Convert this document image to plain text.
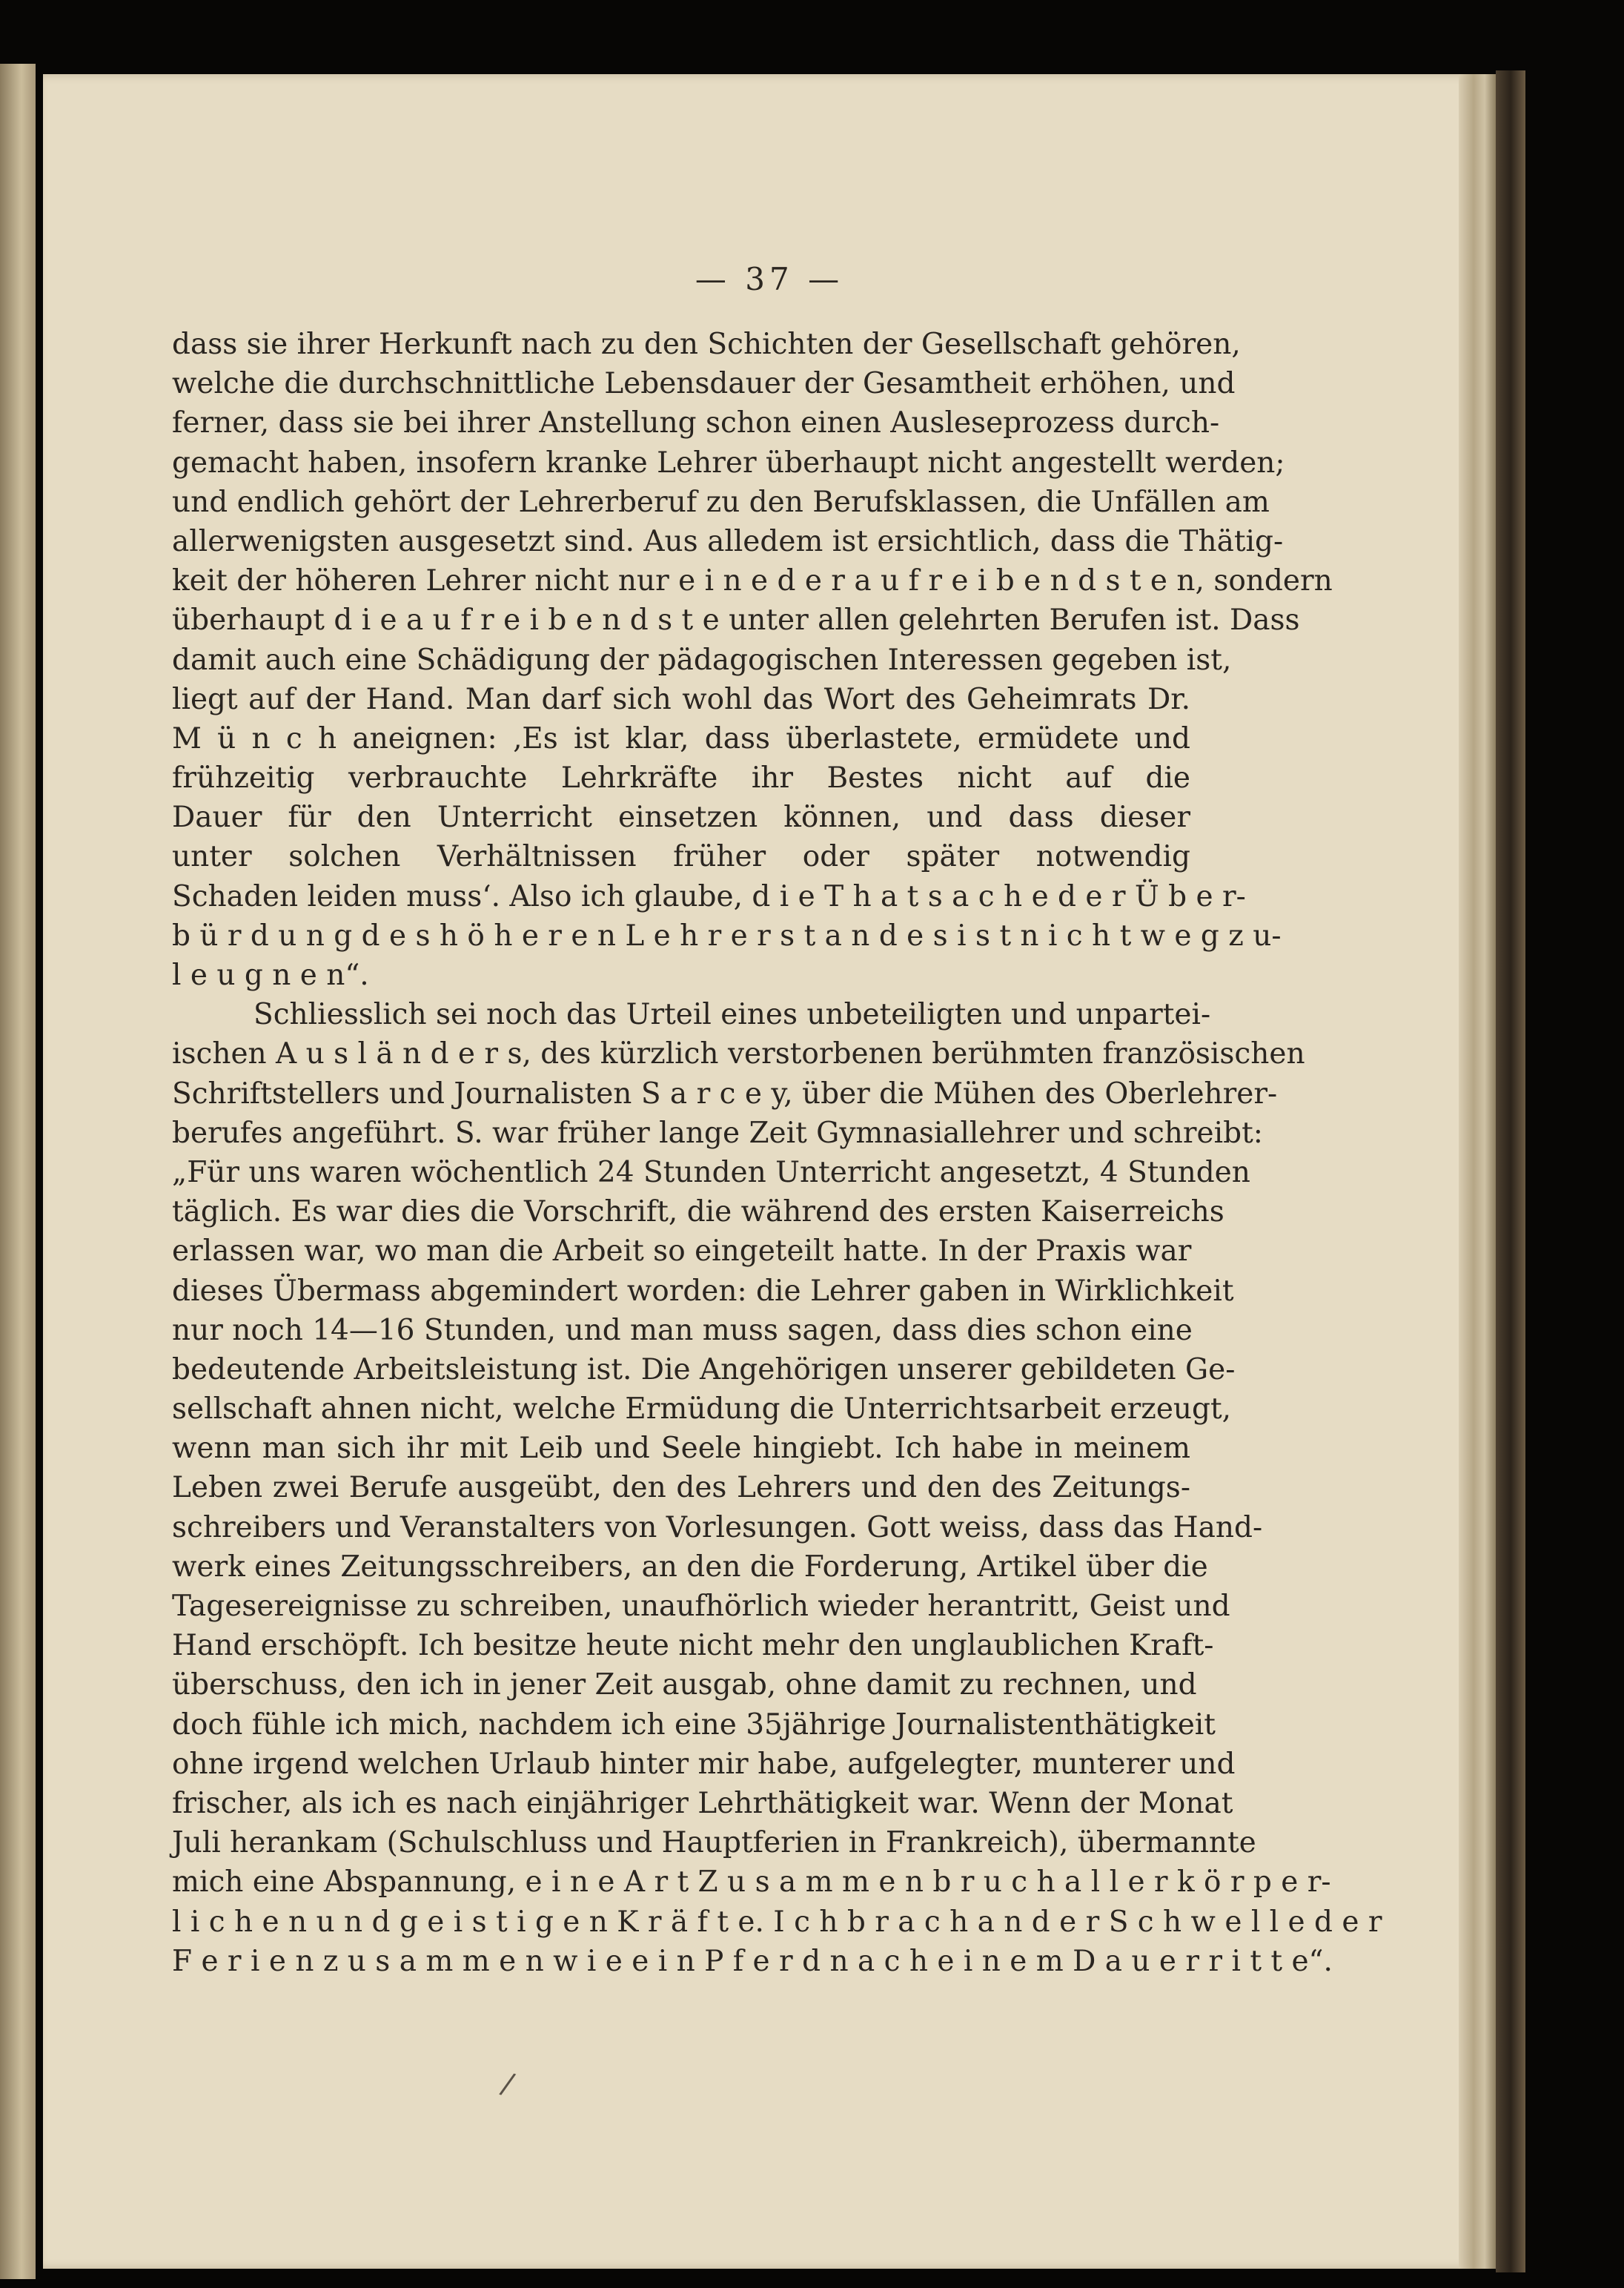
— 37 —
/
dass sie ihrer Herkunft nach zu den Schichten der Gesellschaft gehören,
welche die durchschnittliche Lebensdauer der Gesamtheit erhöhen, und
ferner, dass sie bei ihrer Anstellung schon einen Ausleseprozess durch-
gemacht haben, insofern kranke Lehrer überhaupt nicht angestellt werden;
und endlich gehört der Lehrerberuf zu den Berufsklassen, die Unfällen am
allerwenigsten ausgesetzt sind. Aus alledem ist ersichtlich, dass die Thätig-
keit der höheren Lehrer nicht nur e i n e d e r a u f r e i b e n d s t e n, sondern
überhaupt d i e a u f r e i b e n d s t e unter allen gelehrten Berufen ist. Dass
damit auch eine Schädigung der pädagogischen Interessen gegeben ist,
liegt auf der Hand. Man darf sich wohl das Wort des Geheimrats Dr.
M ü n c h aneignen: ‚Es ist klar, dass überlastete, ermüdete und
frühzeitig verbrauchte Lehrkräfte ihr Bestes nicht auf die
Dauer für den Unterricht einsetzen können, und dass dieser
unter solchen Verhältnissen früher oder später notwendig
Schaden leiden muss‘. Also ich glaube, d i e T h a t s a c h e d e r Ü b e r-
b ü r d u n g d e s h ö h e r e n L e h r e r s t a n d e s i s t n i c h t w e g z u-
l e u g n e n“.
Schliesslich sei noch das Urteil eines unbeteiligten und unpartei-
ischen A u s l ä n d e r s, des kürzlich verstorbenen berühmten französischen
Schriftstellers und Journalisten S a r c e y, über die Mühen des Oberlehrer-
berufes angeführt. S. war früher lange Zeit Gymnasiallehrer und schreibt:
„Für uns waren wöchentlich 24 Stunden Unterricht angesetzt, 4 Stunden
täglich. Es war dies die Vorschrift, die während des ersten Kaiserreichs
erlassen war, wo man die Arbeit so eingeteilt hatte. In der Praxis war
dieses Übermass abgemindert worden: die Lehrer gaben in Wirklichkeit
nur noch 14—16 Stunden, und man muss sagen, dass dies schon eine
bedeutende Arbeitsleistung ist. Die Angehörigen unserer gebildeten Ge-
sellschaft ahnen nicht, welche Ermüdung die Unterrichtsarbeit erzeugt,
wenn man sich ihr mit Leib und Seele hingiebt. Ich habe in meinem
Leben zwei Berufe ausgeübt, den des Lehrers und den des Zeitungs-
schreibers und Veranstalters von Vorlesungen. Gott weiss, dass das Hand-
werk eines Zeitungsschreibers, an den die Forderung, Artikel über die
Tagesereignisse zu schreiben, unaufhörlich wieder herantritt, Geist und
Hand erschöpft. Ich besitze heute nicht mehr den unglaublichen Kraft-
überschuss, den ich in jener Zeit ausgab, ohne damit zu rechnen, und
doch fühle ich mich, nachdem ich eine 35jährige Journalistenthätigkeit
ohne irgend welchen Urlaub hinter mir habe, aufgelegter, munterer und
frischer, als ich es nach einjähriger Lehrthätigkeit war. Wenn der Monat
Juli herankam (Schulschluss und Hauptferien in Frankreich), übermannte
mich eine Abspannung, e i n e A r t Z u s a m m e n b r u c h a l l e r k ö r p e r-
l i c h e n u n d g e i s t i g e n K r ä f t e. I c h b r a c h a n d e r S c h w e l l e d e r
F e r i e n z u s a m m e n w i e e i n P f e r d n a c h e i n e m D a u e r r i t t e“.
